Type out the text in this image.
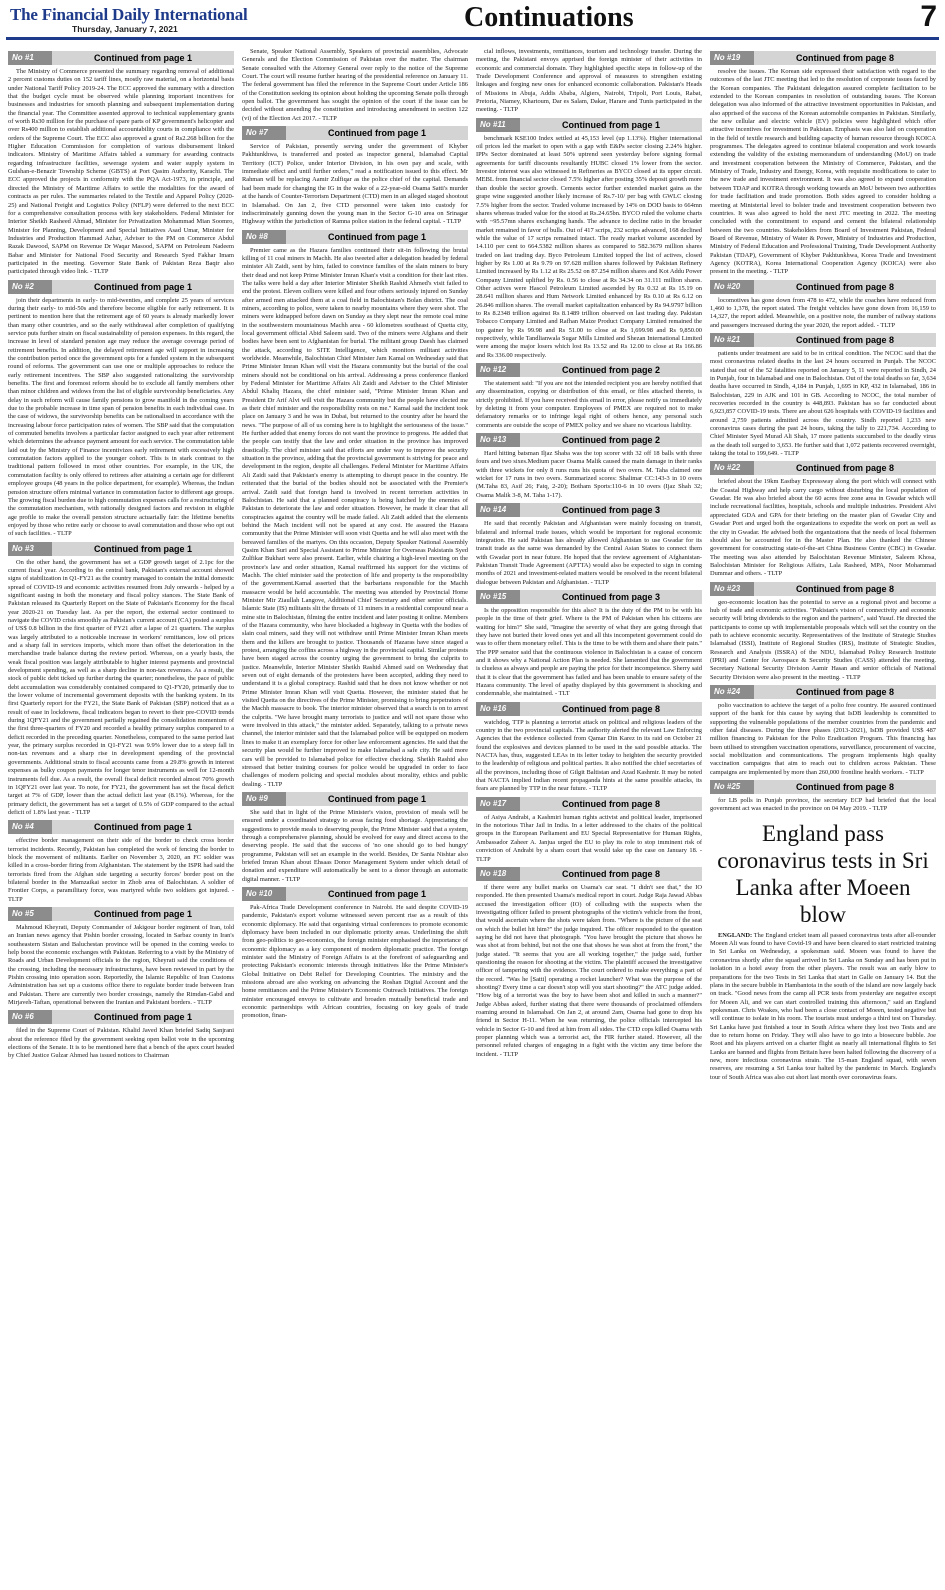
The Financial Daily International
Thursday, January 7, 2021	Continuations	7
No #1	Continued from page 1

The Ministry of Commerce presented the summary regarding removal of additional 2 percent customs duties on 152 tariff lines, mostly raw material, on a horizontal basis under National Tariff Policy 2019-24. The ECC approved the summary with a direction that the budget cycle must be observed while planning important incentives for businesses and industries for smooth planning and subsequent implementation during the financial year. The Committee assented approval to technical supplementary grants of worth Rs30 million for the purchase of spare parts of KP government's helicopter and over Rs400 million to establish additional accountability courts in compliance with the orders of the Supreme Court. The ECC also approved a grant of Rs2.268 billion for the Higher Education Commission for completion of various disbursement linked indicators. Ministry of Maritime Affairs tabled a summary for awarding contracts regarding infrastructure facilities, sewerage system and water supply system in Gulshan-e-Benazir Township Scheme (GBTS) at Port Qasim Authority, Karachi. The ECC approved the projects in conformity with the PQA Act-1973, in principle, and directed the Ministry of Maritime Affairs to settle the modalities for the award of contracts as per rules. The summaries related to the Textile and Apparel Policy (2020-25) and National Freight and Logistics Policy (NFLP) were deferred to the next ECC for a comprehensive consultation process with key stakeholders. Federal Minister for Interior Sheikh Rasheed Ahmad, Minister for Privatization Mohammad Mian Soomro, Minister for Planning, Development and Special Initiatives Asad Umar, Minister for Industries and Production Hammad Azhar, Adviser to the PM on Commerce Abdul Razak Dawood, SAPM on Revenue Dr Waqar Masood, SAPM on Petroleum Nadeem Babar and Minister for National Food Security and Research Syed Fakhar Imam participated in the meeting. Governor State Bank of Pakistan Reza Baqir also participated through video link. - TLTP

No #2	Continued from page 1

join their departments in early- to mid-twenties, and complete 25 years of services during their early- to mid-50s and therefore become eligible for early retirement. It is pertinent to mention here that the retirement age of 60 years is already markedly lower than many other countries, and so the early withdrawal after completion of qualifying service puts further strain on fiscal sustainability of pension expenses. In this regard, the increase in level of standard pension age may reduce the average coverage period of retirement benefits. In addition, the delayed retirement age will support in increasing the contribution period once the government opts for a funded system in the subsequent round of reforms. The government can use one or multiple approaches to reduce the early retirement incentives. The SBP also suggested rationalizing the survivorship benefits. The first and foremost reform should be to exclude all family members other than minor children and widows from the list of eligible survivorship beneficiaries. Any delay in such reform will cause family pensions to grow manifold in the coming years due to the probable increase in time span of pension benefits in each individual case. In the case of widows, the survivorship benefits can be rationalised in accordance with the increasing labour force participation rates of women. The SBP said that the computation of commuted benefits involves a particular factor assigned to each year after retirement which determines the advance payment amount for each service. The commutation table laid out by the Ministry of Finance incentivizes early retirement with excessively high commutation factors applied to the younger cohort. This is in stark contrast to the traditional pattern followed in most other countries. For example, in the UK, the commutation facility is only offered to retirees after attaining a certain age for different employee groups (48 years in the police department, for example). Whereas, the Indian pension structure offers minimal variance in commutation factor to different age groups. The growing fiscal burden due to high commutation expenses calls for a restructuring of the commutation mechanism, with rationally designed factors and revision in eligible age profile to make the overall pension structure actuarially fair: the lifetime benefits enjoyed by those who retire early or choose to avail commutation and those who opt out of such facilities. - TLTP

No #3	Continued from page 1

On the other hand, the government has set a GDP growth target of 2.1pc for the current fiscal year. According to the central bank, Pakistan's external account showed signs of stabilization in Q1-FY21 as the country managed to contain the initial domestic spread of COVID-19 and economic activities resumed from July onwards - helped by a significant easing in both the monetary and fiscal policy stances. The State Bank of Pakistan released its Quarterly Report on the State of Pakistan's Economy for the fiscal year 2020-21 on Tuesday last. As per the report, the external sector continued to navigate the COVID crisis smoothly as Pakistan's current account (CA) posted a surplus of US$ 0.8 billion in the first quarter of FY21 after a lapse of 21 quarters. The surplus was largely attributed to a noticeable increase in workers' remittances, low oil prices and a sharp fall in services imports, which more than offset the deterioration in the merchandise trade balance during the review period. Whereas, on a yearly basis, the weak fiscal position was largely attributable to higher interest payments and provincial development spending, as well as a sharp decline in non-tax revenues. As a result, the stock of public debt ticked up further during the quarter; nonetheless, the pace of public debt accumulation was considerably contained compared to Q1-FY20, primarily due to the lower volume of incremental government deposits with the banking system. In its first Quarterly report for the FY21, the State Bank of Pakistan (SBP) noticed that as a result of ease in lockdowns, fiscal indicators began to revert to their pre-COVID trends during 1QFY21 and the government partially regained the consolidation momentum of the first three-quarters of FY20 and recorded a healthy primary surplus compared to a deficit recorded in the preceding quarter. Nonetheless, compared to the same period last year, the primary surplus recorded in Q1-FY21 was 9.9% lower due to a steep fall in non-tax revenues and a sharp rise in development spending of the provincial governments. Additional strain to fiscal accounts came from a 29.8% growth in interest expenses as bulky coupon payments for longer tenor instruments as well for 12-month instruments fell due. As a result, the overall fiscal deficit recorded almost 70% growth in 1QFY21 over last year. To note, for FY21, the government has set the fiscal deficit target at 7% of GDP, lower than the actual deficit last year (8.1%). Whereas, for the primary deficit, the government has set a target of 0.5% of GDP compared to the actual deficit of 1.8% last year. - TLTP

No #4	Continued from page 1

effective border management on their side of the border to check cross border terrorist incidents. Recently, Pakistan has completed the work of fencing the border to block the movement of militants. Earlier on November 3, 2020, an FC soldier was killed in a cross-border firing from Afghanistan. The statement by the ISPR had said the terrorists fired from the Afghan side targeting a security forces' border post on the bilateral border in the Mamzaikai sector in Zhob area of Balochistan. A soldier of Frontier Corps, a paramilitary force, was martyred while two soldiers got injured. - TLTP

No #5	Continued from page 1

Mahmoud Kheyrati, Deputy Commander of Jakigour border regiment of Iran, told an Iranian news agency that Pishin border crossing, located in Sarbaz county in Iran's southeastern Sistan and Baluchestan province will be opened in the coming weeks to help boost the economic exchanges with Pakistan. Referring to a visit by the Ministry of Roads and Urban Development officials to the region, Kheyrati said the conditions of the crossing, including the necessary infrastructures, have been reviewed in part by the Pishin crossing into operation soon. Reportedly, the Islamic Republic of Iran Customs Administration has set up a customs office there to regulate border trade between Iran and Pakistan. There are currently two border crossings, namely the Rimdan-Gabd and Mirjaveh-Taftan, operational between the Iranian and Pakistani borders. - TLTP

No #6	Continued from page 1

filed in the Supreme Court of Pakistan. Khalid Javed Khan briefed Sadiq Sanjrani about the reference filed by the government seeking open ballot vote in the upcoming elections of the Senate. It is to be mentioned here that a bench of the apex court headed by Chief Justice Gulzar Ahmed has issued notices to Chairman

Senate, Speaker National Assembly, Speakers of provincial assemblies, Advocate Generals and the Election Commission of Pakistan over the matter. The chairman Senate consulted with the Attorney General over reply to the notice of the Supreme Court. The court will resume further hearing of the presidential reference on January 11. The federal government has filed the reference in the Supreme Court under Article 186 of the Constitution seeking its opinion about holding the upcoming Senate polls through open ballot. The government has sought the opinion of the court if the issue can be decided without amending the constitution and introducing amendment in section 122 (vi) of the Election Act 2017. - TLTP

No #7	Continued from page 1

Service of Pakistan, presently serving under the government of Khyber Pakhtunkhwa, is transferred and posted as inspector general, Islamabad Capital Territory (ICT) Police, under Interior Division, in his own pay and scale, with immediate effect and until further orders," read a notification issued to this effect. Mr Rahman will be replacing Aamir Zulfiqar as the police chief of the capital. Demands had been made for changing the IG in the wake of a 22-year-old Osama Satti's murder at the hands of Counter-Terrorism Department (CTD) men in an alleged staged shootout in Islamabad. On Jan 2, five CTD personnel were taken into custody for indiscriminately gunning down the young man in the Sector G-10 area on Srinagar Highway within the jurisdiction of Ramna police station in the federal capital. - TLTP

No #8	Continued from page 1

Premier came as the Hazara families continued their sit-in following the brutal killing of 11 coal miners in Machh. He also tweeted after a delegation headed by federal minister Ali Zaidi, sent by him, failed to convince families of the slain miners to bury their dead and not keep Prime Minister Imran Khan's visit a condition for their last rites. The talks were held a day after Interior Minister Sheikh Rashid Ahmed's visit failed to end the protest. Eleven colliers were killed and four others seriously injured on Sunday after armed men attacked them at a coal field in Balochistan's Bolan district. The coal miners, according to police, were taken to nearby mountains where they were shot. The miners were kidnapped before dawn on Sunday as they slept near the remote coal mine in the southwestern mountainous Machh area - 60 kilometres southeast of Quetta city, local government official Abid Saleem said. Two of the miners were Afghans and their bodies have been sent to Afghanistan for burial. The militant group Daesh has claimed the attack, according to SITE Intelligence, which monitors militant activities worldwide. Meanwhile, Balochistan Chief Minister Jam Kamal on Wednesday said that Prime Minister Imran Khan will visit the Hazara community but the burial of the coal miners should not be conditional on his arrival. Addressing a press conference flanked by Federal Minister for Maritime Affairs Ali Zaidi and Adviser to the Chief Minister Abdul Khaliq Hazara, the chief minister said, "Prime Minister Imran Khan and President Dr Arif Alvi will visit the Hazara community but the people have elected me as their chief minister and the responsibility rests on me." Kamal said the incident took place on January 3 and he was in Dubai, but returned to the country after he heard the news. "The purpose of all of us coming here is to highlight the seriousness of the issue." He further added that enemy forces do not want the province to progress. He added that the people can testify that the law and order situation in the province has improved drastically. The chief minister said that efforts are under way to improve the security situation in the province, adding that the provincial government is striving for peace and development in the region, despite all challenges. Federal Minister for Maritime Affairs Ali Zaidi said that Pakistan's enemy is attempting to disrupt peace in the country. He reiterated that the burial of the bodies should not be associated with the Premier's arrival. Zaidi said that foreign hand is involved in recent terrorism activities in Balochistan. He said that a planned conspiracy is being hatched by the enemies of Pakistan to deteriorate the law and order situation. However, he made it clear that all conspiracies against the country will be made failed. Ali Zaidi added that the elements behind the Mach incident will not be spared at any cost. He assured the Hazara community that the Prime Minister will soon visit Quetta and he will also meet with the bereaved families of the martyrs. On this occasion, Deputy Speaker National Assembly Qasim Khan Suri and Special Assistant to Prime Minister for Overseas Pakistanis Syed Zulfikar Bukhari were also present. Earlier, while chairing a high-level meeting on the province's law and order situation, Kamal reaffirmed his support for the victims of Machh. The chief minister said the protection of life and property is the responsibility of the government.Kamal asserted that the barbarians responsible for the Machh massacre would be held accountable. The meeting was attended by Provincial Home Minister Mir Ziaullah Langove, Additional Chief Secretary and other senior officials. Islamic State (IS) militants slit the throats of 11 miners in a residential compound near a mine site in Balochistan, filming the entire incident and later posting it online. Members of the Hazara community, who have blockaded a highway in Quetta with the bodies of slain coal miners, said they will not withdraw until Prime Minister Imran Khan meets them and the killers are brought to justice. Thousands of Hazaras have since staged a protest, arranging the coffins across a highway in the provincial capital. Similar protests have been staged across the country urging the government to bring the culprits to justice. Meanwhile, Interior Minister Sheikh Rashid Ahmed said on Wednesday that seven out of eight demands of the protesters have been accepted, adding they need to understand it is a global conspiracy. Rashid said that he does not know whether or not Prime Minister Imran Khan will visit Quetta. However, the minister stated that he visited Quetta on the directives of the Prime Minister, promising to bring perpetrators of the Machh massacre to book. The interior minister observed that a search is on to arrest the culprits. "We have brought many terrorists to justice and will not spare those who were involved in this attack," the minister added. Separately, talking to a private news channel, the interior minister said that the Islamabad police will be equipped on modern lines to make it an exemplary force for other law enforcement agencies. He said that the security plan would be further improved to make Islamabad a safe city. He said more cars will be provided to Islamabad police for effective checking. Sheikh Rashid also stressed that better training courses for police would be upgraded in order to face challenges of modern policing and special modules about morality, ethics and public dealing. - TLTP

No #9	Continued from page 1

She said that in light of the Prime Minister's vision, provision of meals will be ensured under a coordinated strategy to areas facing food shortage. Appreciating the suggestions to provide meals to deserving people, the Prime Minister said that a system, through a comprehensive planning, should be evolved for easy and direct access to the deserving people. He said that the success of 'no one should go to bed hungry' programme, Pakistan will set an example in the world. Besides, Dr Sania Nishtar also briefed Imran Khan about Ehsaas Donor Management System under which detail of donation and expenditure will automatically be sent to a donor through an automatic digital manner. - TLTP

No #10	Continued from page 1

Pak-Africa Trade Development conference in Nairobi. He said despite COVID-19 pandemic, Pakistan's export volume witnessed seven percent rise as a result of this economic diplomacy. He said that organising virtual conferences to promote economic diplomacy have been included in our diplomatic priority areas. Underlining the shift from geo-politics to geo-economics, the foreign minister emphasised the importance of economic diplomacy as a key component of modern diplomatic practice. The foreign minister said the Ministry of Foreign Affairs is at the forefront of safeguarding and protecting Pakistan's economic interests through initiatives like the Prime Minister's Global Initiative on Debt Relief for Developing Countries. The ministry and the missions abroad are also working on advancing the Roshan Digital Account and the home remittances and the Prime Minister's Economic Outreach Initiatives. The foreign minister encouraged envoys to cultivate and broaden mutually beneficial trade and economic partnerships with African countries, focusing on key goals of trade promotion, finan-

cial inflows, investments, remittances, tourism and technology transfer. During the meeting, the Pakistani envoys apprised the foreign minister of their activities in economic and commercial domain. They highlighted specific steps in follow-up of the Trade Development Conference and approval of measures to strengthen existing linkages and forging new ones for enhanced economic collaboration. Pakistan's Heads of Missions in Abuja, Addis Ababa, Algiers, Nairobi, Tripoli, Port Louis, Rabat, Pretoria, Niamey, Khartoum, Dar es Salam, Dakar, Harare and Tunis participated in the meeting. - TLTP

No #11	Continued from page 1

benchmark KSE100 Index settled at 45,153 level (up 1.13%). Higher international oil prices led the market to open with a gap with E&Ps sector closing 2.24% higher. IPPs Sector dominated at least 50% uptrend seen yesterday before signing formal agreements for tariff discounts resultantly HUBC closed 1% lower from the sector. Investor interest was also witnessed in Refineries as BYCO closed at its upper circuit. MEBL from financial sector closed 7.5% higher after posting 35% deposit growth more than double the sector growth. Cements sector further extended market gains as the grape wine suggested another likely increase of Rs.7-10/ per bag with GWLC closing 7.5% higher from the sector. Traded volume increased by 14% on DOD basis to 664mn shares whereas traded value for the stood at Rs.24.65bn. BYCO ruled the volume charts with ~95.57mn shares exchanging hands. The advance to decline ratio in the broader market remained in favor of bulls. Out of 417 scrips, 232 scrips advanced, 168 declined while the value of 17 scrips remained intact. The ready market volume ascended by 14.110 per cent to 664.5382 million shares as compared to 582.3679 million shares traded on last trading day. Byco Petroleum Limited topped the list of actives, closed higher by Rs 1.00 at Rs 9.79 on 97.628 million shares followed by Pakistan Refinery Limited increased by Rs 1.12 at Rs 25.52 on 87.254 million shares and Kot Addu Power Company Limited uplifted by Rs. 0.56 to close at Rs 34.34 on 31.111 million shares. Other actives were Hascol Petroleum Limited ascended by Rs 0.32 at Rs 15.19 on 28.641 million shares and Hum Network Limited enhanced by Rs 0.10 at Rs 6.12 on 26.846 million shares. The overall market capitalization enhanced by Rs 94.9797 billion to Rs 8.2348 trillion against Rs 8.1489 trillion observed on last trading day. Pakistan Tobacco Company Limited and Rafhan Maize Product Company Limited remained the top gainer by Rs 99.98 and Rs 51.00 to close at Rs 1,699.98 and Rs 9,850.00 respectively, while Tandlianwala Sugar Mills Limited and Shezan International Limited were among the major losers which lost Rs 13.52 and Rs 12.00 to close at Rs 166.86 and Rs 336.00 respectively.

No #12	Continued from page 2

The statement said: "If you are not the intended recipient you are hereby notified that any dissemination, copying or distribution of this email, or files attached thereto, is strictly prohibited. If you have received this email in error, please notify us immediately by deleting it from your computer. Employees of PMEX are required not to make defamatory remarks or to infringe legal right of others hence, any personal such comments are outside the scope of PMEX policy and we share no vicarious liability.

No #13	Continued from page 2

Hard hitting batsman Iljaz Shaba was the top scorer with 32 off 18 balls with three fours and two sixes.Medium pacer Osama Malik caused the main damage in their ranks with three wickets for only 8 runs runs his quota of two overs. M. Taha claimed one wicket for 17 runs in two overs. Summarized scores: Shalimar CC:143-3 in 10 overs (M.Taha 83, Asif 26; Faiq, 2-20); Botham Sports:110-6 in 10 overs (Ijaz Shah 32; Osama Malik 3-8, M. Taha 1-17).

No #14	Continued from page 3

He said that recently Pakistan and Afghanistan were mainly focusing on transit, bilateral and informal trade issues, which would be important for regional economic integration. He said Pakistan has already allowed Afghanistan to use Gwadar for its transit trade as the same was demanded by the Central Asian States to connect them with Gwadar port in near future. He hoped that the review agreement of Afghanistan-Pakistan Transit Trade Agreement (APTTA) would also be expected to sign in coming months of 2021 and investment-related matters would be resolved in the recent bilateral dialogue between Pakistan and Afghanistan. - TLTP

No #15	Continued from page 3

Is the opposition responsible for this also? It is the duty of the PM to be with his people in the time of their grief. Where is the PM of Pakistan when his citizens are waiting for him?" She said, "Imagine the severity of what they are going through that they have not buried their loved ones yet and all this incompetent government could do was to offer them monetary relief. This is the time to be with them and share their pain." The PPP senator said that the continuous violence in Balochistan is a cause of concern and it shows why a National Action Plan is needed. She lamented that the government is clueless as always and people are paying the price for their incompetence. Sherry said that it is clear that the government has failed and has been unable to ensure safety of the Hazara community. The level of apathy displayed by this government is shocking and condemnable, she maintained. - TLT

No #16	Continued from page 8

watchdog, TTP is planning a terrorist attack on political and religious leaders of the country in the two provincial capitals. The authority alerted the relevant Law Enforcing Agencies that the evidence collected from Qamar Din Karez in its raid on October 21 found the explosives and devices planned to be used in the said possible attacks. The NACTA has, thus, suggested LEAs in its letter today to heighten the security provided to the leadership of religious and political parties. It also notified the chief secretaries of all the provinces, including those of Gilgit Baltistan and Azad Kashmir. It may be noted that NACTA implied Indian recent propaganda hints at the same possible attacks, its fears are planned by TTP in the near future. - TLTP

No #17	Continued from page 8

of Asiya Andrabi, a Kashmiri human rights activist and political leader, imprisoned in the notorious Tihar Jail in India. In a letter addressed to the chairs of the political groups in the European Parliament and EU Special Representative for Human Rights, Ambassador Zaheer A. Janjua urged the EU to play its role to stop imminent risk of conviction of Andrabi by a sham court that would take up the case on January 18. - TLTP

No #18	Continued from page 8

if there were any bullet marks on Usama's car seat. "I didn't see that," the IO responded. He then presented Usama's medical report in court. Judge Raja Jawad Abbas accused the investigation officer (IO) of colluding with the suspects when the investigating officer failed to present photographs of the victim's vehicle from the front, that would ascertain where the shots were taken from. "Where is the picture of the seat on which the bullet hit him?" the judge inquired. The officer responded to the question saying he did not have that photograph. "You have brought the picture that shows he was shot at from behind, but not the one that shows he was shot at from the front," the judge stated. "It seems that you are all working together," the judge said, further questioning the reason for shooting at the victim. The plaintiff accused the investigative officer of tampering with the evidence. The court ordered to make everything a part of the record. "Was he [Satti] operating a rocket launcher? What was the purpose of the shooting? Every time a car doesn't stop will you start shooting?" the ATC judge added. "How big of a terrorist was the boy to have been shot and killed in such a manner?" Judge Abbas asked, further stating that there were thousands of proclaimed offenders roaming around in Islamabad. On Jan 2, at around 2am, Osama had gone to drop his friend in Sector H-11. When he was returning, the police officials intercepted his vehicle in Sector G-10 and fired at him from all sides. The CTD cops killed Osama with proper planning which was a terrorist act, the FIR further stated. However, all the personnel refuted charges of engaging in a fight with the victim any time before the incident. - TLTP

No #19	Continued from page 8

resolve the issues. The Korean side expressed their satisfaction with regard to the outcomes of the last JTC meeting that led to the resolution of corporate issues faced by the Korean companies. The Pakistani delegation assured complete facilitation to be extended to the Korean companies in resolution of outstanding issues. The Korean delegation was also informed of the attractive investment opportunities in Pakistan, and also apprised of the success of the Korean automobile companies in Pakistan. Similarly, the new cellular and electric vehicle (EV) policies were highlighted which offer attractive incentives for investment in Pakistan. Emphasis was also laid on cooperation in the field of textile research and building capacity of human resource through KOICA programmes. The delegates agreed to continue bilateral cooperation and work towards extending the validity of the existing memorandum of understanding (MoU) on trade and investment cooperation between the Ministry of Commerce, Pakistan, and the Ministry of Trade, Industry and Energy, Korea, with requisite modifications to cater to the new trade and investment environment. It was also agreed to expand cooperation between TDAP and KOTRA through working towards an MoU between two authorities for trade facilitation and trade promotion. Both sides agreed to consider holding a meeting at Ministerial level to bolster trade and investment cooperation between two countries. It was also agreed to hold the next JTC meeting in 2022. The meeting concluded with the commitment to expand and cement the bilateral relationship between the two countries. Stakeholders from Board of Investment Pakistan, Federal Board of Revenue, Ministry of Water & Power, Ministry of Industries and Production, Ministry of Federal Education and Professional Training, Trade Development Authority Pakistan (TDAP), Government of Khyber Pakhtunkhwa, Korea Trade and Investment Agency (KOTRA), Korea International Cooperation Agency (KOICA) were also present in the meeting. - TLTP

No #20	Continued from page 8

locomotives has gone down from 478 to 472, while the coaches have reduced from 1,460 to 1,378, the report stated. The freight vehicles have gone down from 16,159 to 14,327, the report added. Meanwhile, on a positive note, the number of railway stations and passengers increased during the year 2020, the report added. - TLTP

No #21	Continued from page 8

patients under treatment are said to be in critical condition. The NCOC said that the most coronavirus related deaths in the last 24 hours occurred in Punjab. The NCOC stated that out of the 52 fatalities reported on January 5, 11 were reported in Sindh, 24 in Punjab, four in Islamabad and one in Balochistan. Out of the total deaths so far, 3,634 deaths have occurred in Sindh, 4,184 in Punjab, 1,695 in KP, 432 in Islamabad, 186 in Balochistan, 229 in AJK and 101 in GB. According to NCOC, the total number of recoveries recorded in the country is 448,893. Pakistan has so far conducted about 6,923,857 COVID-19 tests. There are about 626 hospitals with COVID-19 facilities and around 2,759 patients admitted across the country. Sindh reported 1,233 new coronavirus cases during the past 24 hours, taking the tally to 221,734. According to Chief Minister Syed Murad Ali Shah, 17 more patients succumbed to the deadly virus as the death toll surged to 3,653. He further said that 1,072 patients recovered overnight, taking the total to 199,649. - TLTP

No #22	Continued from page 8

briefed about the 19km Eastbay Expressway along the port which will connect with the Coastal Highway and help carry cargo without disturbing the local population of Gwadar. He was also briefed about the 60 acres free zone area in Gwadar which will include recreational facilities, hospitals, schools and multiple industries. President Alvi appreciated GDA and GPA for their briefing on the master plan of Gwadar City and Gwadar Port and urged both the organizations to expedite the work on port as well as the city in Gwadar. He advised both the organizations that the needs of local fishermen should also be accounted for in the Master Plan. He also thanked the Chinese government for constructing state-of-the-art China Business Centre (CBC) in Gwadar. The meeting was also attended by Balochistan Revenue Minister, Saleem Khosa, Balochistan Minister for Religious Affairs, Lala Rasheed, MPA, Noor Mohammad Dummar and others. - TLTP

No #23	Continued from page 8

geo-economic location has the potential to serve as a regional pivot and become a hub of trade and economic activities. "Pakistan's vision of connectivity and economic security will bring dividends to the region and the partners", said Yusuf. He directed the participants to come up with implementable proposals which will set the country on the path to achieve economic security. Representatives of the Institute of Strategic Studies Islamabad (ISSI), Institute of Regional Studies (IRS), Institute of Strategic Studies, Research and Analysis (ISSRA) of the NDU, Islamabad Policy Research Institute (IPRI) and Center for Aerospace & Security Studies (CASS) attended the meeting. Secretary National Security Division Aamir Hasan and senior officials of National Security Division were also present in the meeting. - TLTP

No #24	Continued from page 8

polio vaccination to achieve the target of a polio free country. He assured continued support of the bank for this cause by saying that IsDB leadership is committed to supporting the vulnerable populations of the member countries from the pandemic and other fatal diseases. During the three phases (2013-2021), IsDB provided US$ 487 million financing to Pakistan for the Polio Eradication Program. This financing has been utilised to strengthen vaccination operations, surveillance, procurement of vaccine, social mobilization and communications. The program implements high quality vaccination campaigns that aim to reach out to children across Pakistan. These campaigns are implemented by more than 260,000 frontline health workers. - TLTP

No #25	Continued from page 8

for LB polls in Punjab province, the secretary ECP had briefed that the local government act was enacted in the province on 04 May 2019. - TLTP

England pass coronavirus tests in Sri Lanka after Moeen blow

ENGLAND: The England cricket team all passed coronavirus tests after all-rounder Moeen Ali was found to have Covid-19 and have been cleared to start restricted training in Sri Lanka on Wednesday, a spokesman said. Moeen was found to have the coronavirus shortly after the squad arrived in Sri Lanka on Sunday and has been put in isolation in a hotel away from the other players. The result was an early blow to preparations for the two Tests in Sri Lanka that start in Galle on January 14. But the plans in the secure bubble in Hambantota in the south of the island are now largely back on track. "Good news from the camp all PCR tests from yesterday are negative except for Moeen Ali, and we can start controlled training this afternoon," said an England spokesman. Chris Woakes, who had been a close contact of Moeen, tested negative but will continue to isolate in his room. The tourists must undergo a third test on Thursday. Sri Lanka have just finished a tour in South Africa where they lost two Tests and are due to return home on Friday. They will also have to go into a biosecure bubble. Joe Root and his players arrived on a charter flight as nearly all international flights to Sri Lanka are banned and flights from Britain have been halted following the discovery of a new, more infectious coronavirus strain. The 15-man England squad, with seven reserves, are resuming a Sri Lanka tour halted by the pandemic in March. England's tour of South Africa was also cut short last month over coronavirus fears.
